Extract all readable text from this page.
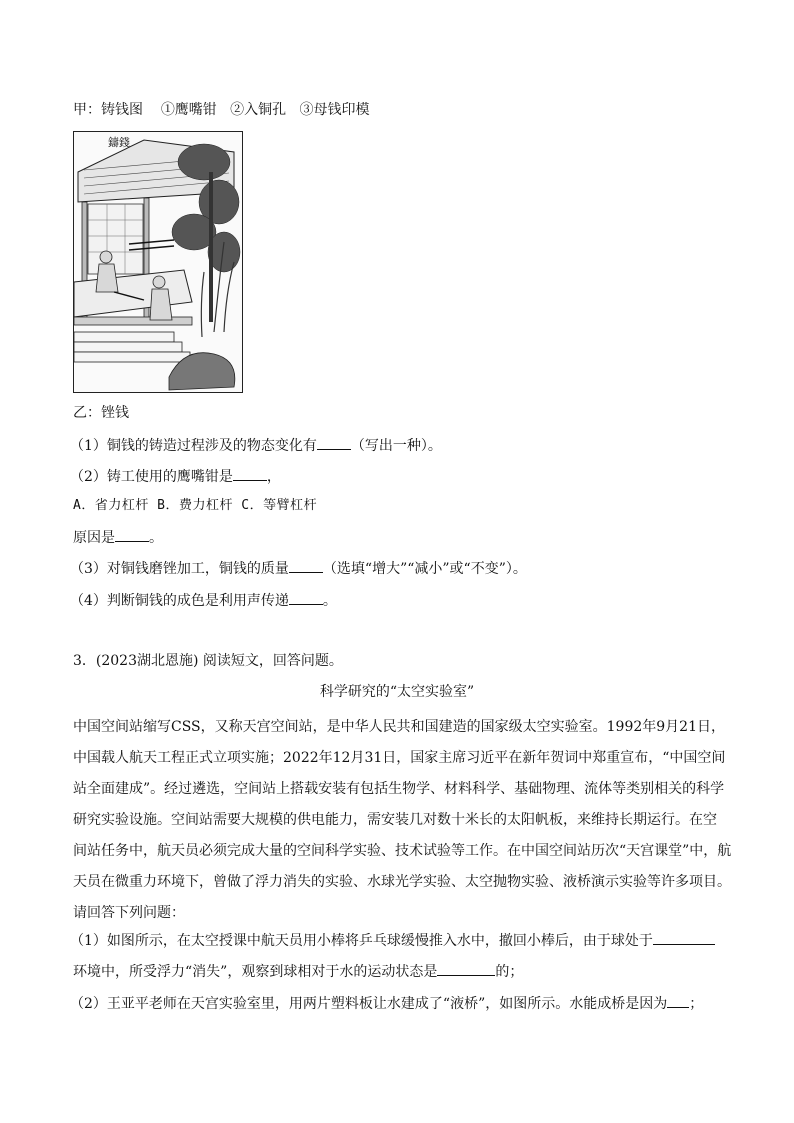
甲：铸钱图 ①鹰嘴钳 ②入铜孔 ③母钱印模
鑄錢
乙：锉钱
（1）铜钱的铸造过程涉及的物态变化有 （写出一种）。
（2）铸工使用的鹰嘴钳是 ，
A．省力杠杆 B．费力杠杆 C．等臂杠杆
原因是 。
（3）对铜钱磨锉加工，铜钱的质量 （选填“增大”“减小”或“不变”）。
（4）判断铜钱的成色是利用声传递 。
3．(2023湖北恩施) 阅读短文，回答问题。
科学研究的“太空实验室”
中国空间站缩写CSS，又称天宫空间站，是中华人民共和国建造的国家级太空实验室。1992年9月21日，
中国载人航天工程正式立项实施；2022年12月31日，国家主席习近平在新年贺词中郑重宣布，“中国空间
站全面建成”。经过遴选，空间站上搭载安装有包括生物学、材料科学、基础物理、流体等类别相关的科学
研究实验设施。空间站需要大规模的供电能力，需安装几对数十米长的太阳帆板，来维持长期运行。在空
间站任务中，航天员必须完成大量的空间科学实验、技术试验等工作。在中国空间站历次“天宫课堂”中，航
天员在微重力环境下，曾做了浮力消失的实验、水球光学实验、太空抛物实验、液桥演示实验等许多项目。
请回答下列问题：
（1）如图所示，在太空授课中航天员用小棒将乒乓球缓慢推入水中，撤回小棒后，由于球处于
环境中，所受浮力“消失”，观察到球相对于水的运动状态是	的；
（2）王亚平老师在天宫实验室里，用两片塑料板让水建成了“液桥”，如图所示。水能成桥是因为 ；
